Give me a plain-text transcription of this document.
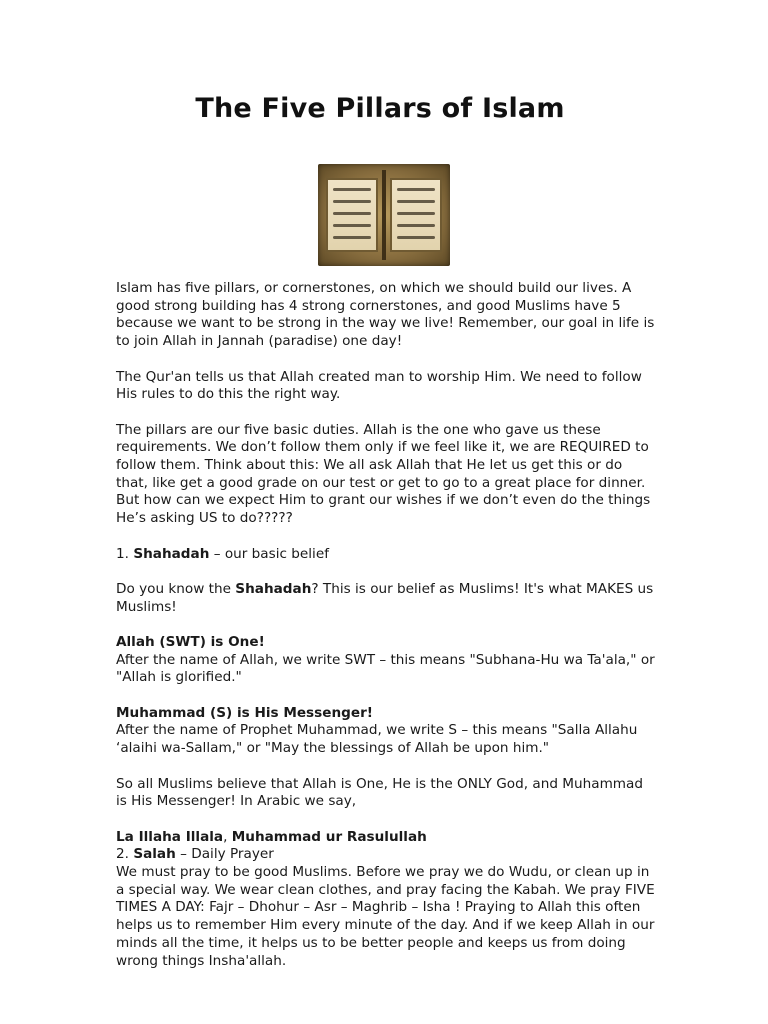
The Five Pillars of Islam

Islam has five pillars, or cornerstones, on which we should build our lives. A good strong building has 4 strong cornerstones, and good Muslims have 5 because we want to be strong in the way we live! Remember, our goal in life is to join Allah in Jannah (paradise) one day!

The Qur'an tells us that Allah created man to worship Him. We need to follow His rules to do this the right way.

The pillars are our five basic duties. Allah is the one who gave us these requirements. We don’t follow them only if we feel like it, we are REQUIRED to follow them. Think about this: We all ask Allah that He let us get this or do that, like get a good grade on our test or get to go to a great place for dinner. But how can we expect Him to grant our wishes if we don’t even do the things He’s asking US to do?????

1. Shahadah – our basic belief

Do you know the Shahadah? This is our belief as Muslims! It's what MAKES us Muslims!

Allah (SWT) is One!

After the name of Allah, we write SWT – this means "Subhana-Hu wa Ta'ala," or "Allah is glorified."

Muhammad (S) is His Messenger!

After the name of Prophet Muhammad, we write S – this means "Salla Allahu ‘alaihi wa-Sallam," or "May the blessings of Allah be upon him."

So all Muslims believe that Allah is One, He is the ONLY God, and Muhammad is His Messenger! In Arabic we say,

La Illaha Illala, Muhammad ur Rasulullah

2. Salah – Daily Prayer

We must pray to be good Muslims. Before we pray we do Wudu, or clean up in a special way. We wear clean clothes, and pray facing the Kabah. We pray FIVE TIMES A DAY: Fajr – Dhohur – Asr – Maghrib – Isha ! Praying to Allah this often helps us to remember Him every minute of the day. And if we keep Allah in our minds all the time, it helps us to be better people and keeps us from doing wrong things Insha'allah.
